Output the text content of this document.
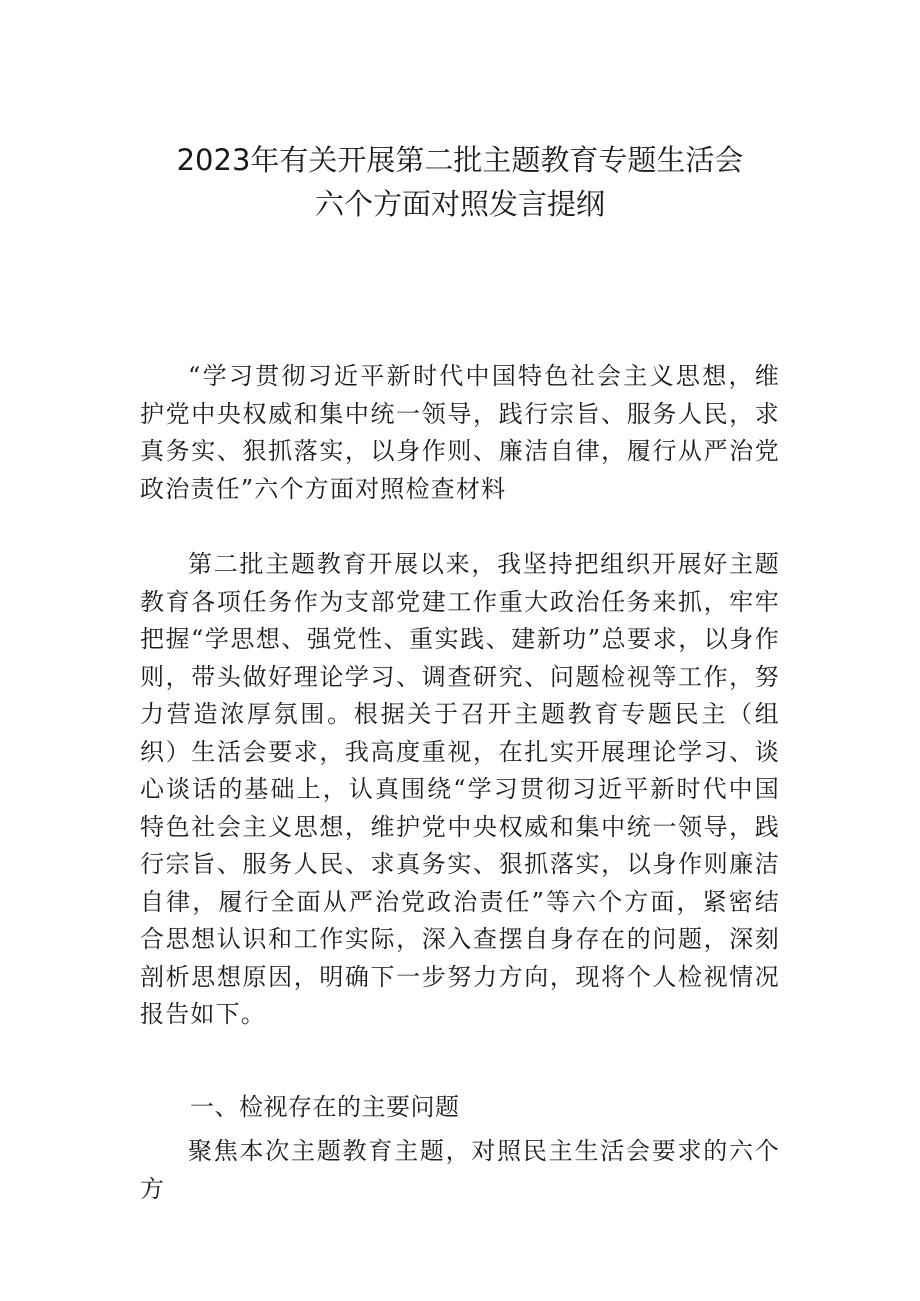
2023年有关开展第二批主题教育专题生活会
六个方面对照发言提纲

“学习贯彻习近平新时代中国特色社会主义思想，维护党中央权威和集中统一领导，践行宗旨、服务人民，求真务实、狠抓落实，以身作则、廉洁自律，履行从严治党政治责任”六个方面对照检查材料

第二批主题教育开展以来，我坚持把组织开展好主题教育各项任务作为支部党建工作重大政治任务来抓，牢牢把握“学思想、强党性、重实践、建新功”总要求，以身作则，带头做好理论学习、调查研究、问题检视等工作，努力营造浓厚氛围。根据关于召开主题教育专题民主（组织）生活会要求，我高度重视，在扎实开展理论学习、谈心谈话的基础上，认真围绕“学习贯彻习近平新时代中国特色社会主义思想，维护党中央权威和集中统一领导，践行宗旨、服务人民、求真务实、狠抓落实，以身作则廉洁自律，履行全面从严治党政治责任”等六个方面，紧密结合思想认识和工作实际，深入查摆自身存在的问题，深刻剖析思想原因，明确下一步努力方向，现将个人检视情况报告如下。

一、检视存在的主要问题

聚焦本次主题教育主题，对照民主生活会要求的六个方
